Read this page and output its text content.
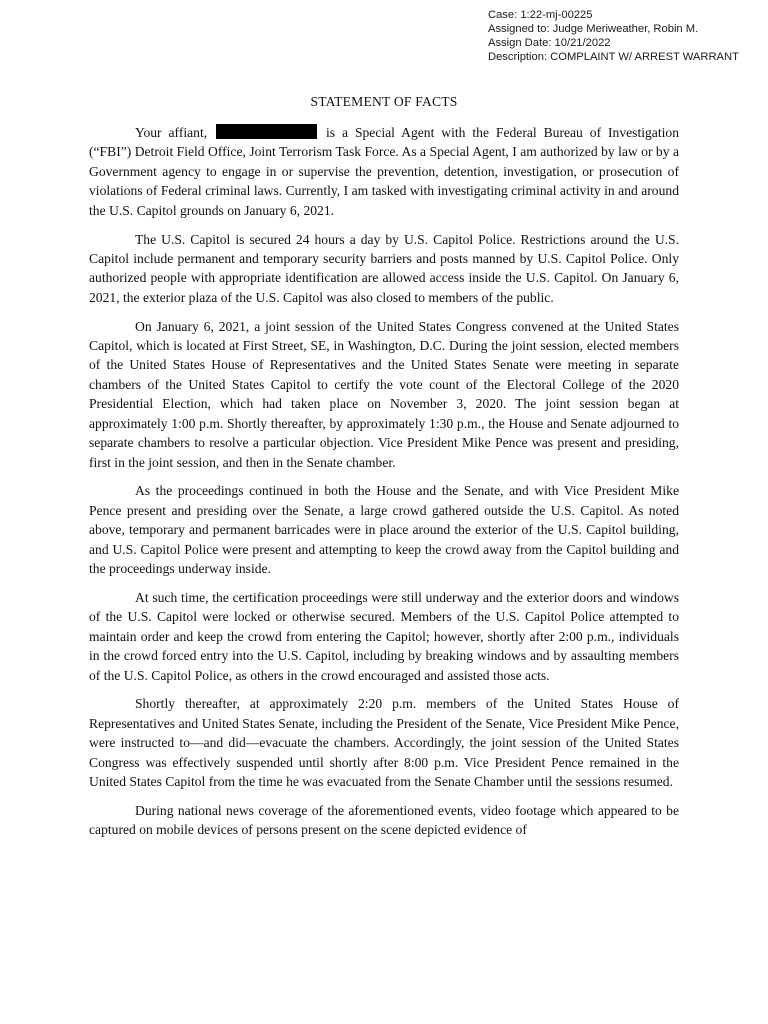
Case: 1:22-mj-00225
Assigned to: Judge Meriweather, Robin M.
Assign Date: 10/21/2022
Description: COMPLAINT W/ ARREST WARRANT
STATEMENT OF FACTS

Your affiant,	is a Special Agent with the Federal Bureau of Investigation (“FBI”) Detroit Field Office, Joint Terrorism Task Force. As a Special Agent, I am authorized by law or by a Government agency to engage in or supervise the prevention, detention, investigation, or prosecution of violations of Federal criminal laws. Currently, I am tasked with investigating criminal activity in and around the U.S. Capitol grounds on January 6, 2021.

The U.S. Capitol is secured 24 hours a day by U.S. Capitol Police. Restrictions around the U.S. Capitol include permanent and temporary security barriers and posts manned by U.S. Capitol Police. Only authorized people with appropriate identification are allowed access inside the U.S. Capitol. On January 6, 2021, the exterior plaza of the U.S. Capitol was also closed to members of the public.

On January 6, 2021, a joint session of the United States Congress convened at the United States Capitol, which is located at First Street, SE, in Washington, D.C. During the joint session, elected members of the United States House of Representatives and the United States Senate were meeting in separate chambers of the United States Capitol to certify the vote count of the Electoral College of the 2020 Presidential Election, which had taken place on November 3, 2020. The joint session began at approximately 1:00 p.m. Shortly thereafter, by approximately 1:30 p.m., the House and Senate adjourned to separate chambers to resolve a particular objection. Vice President Mike Pence was present and presiding, first in the joint session, and then in the Senate chamber.

As the proceedings continued in both the House and the Senate, and with Vice President Mike Pence present and presiding over the Senate, a large crowd gathered outside the U.S. Capitol. As noted above, temporary and permanent barricades were in place around the exterior of the U.S. Capitol building, and U.S. Capitol Police were present and attempting to keep the crowd away from the Capitol building and the proceedings underway inside.

At such time, the certification proceedings were still underway and the exterior doors and windows of the U.S. Capitol were locked or otherwise secured. Members of the U.S. Capitol Police attempted to maintain order and keep the crowd from entering the Capitol; however, shortly after 2:00 p.m., individuals in the crowd forced entry into the U.S. Capitol, including by breaking windows and by assaulting members of the U.S. Capitol Police, as others in the crowd encouraged and assisted those acts.

Shortly thereafter, at approximately 2:20 p.m. members of the United States House of Representatives and United States Senate, including the President of the Senate, Vice President Mike Pence, were instructed to—and did—evacuate the chambers. Accordingly, the joint session of the United States Congress was effectively suspended until shortly after 8:00 p.m. Vice President Pence remained in the United States Capitol from the time he was evacuated from the Senate Chamber until the sessions resumed.

During national news coverage of the aforementioned events, video footage which appeared to be captured on mobile devices of persons present on the scene depicted evidence of
